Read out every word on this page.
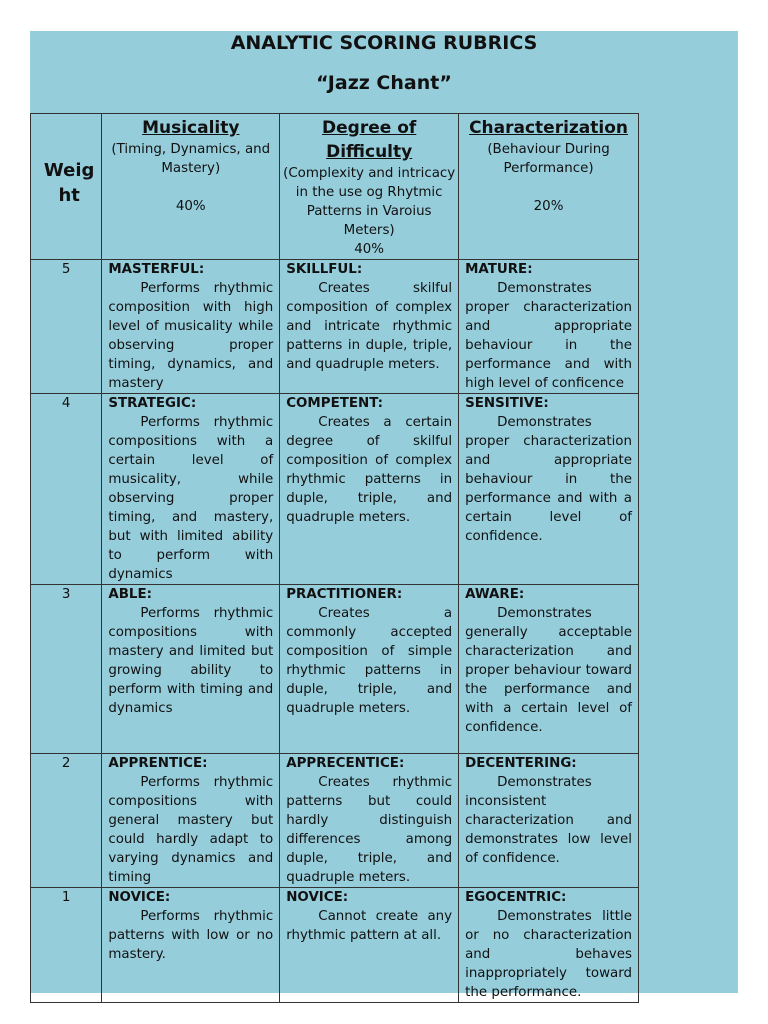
ANALYTIC SCORING RUBRICS
“Jazz Chant”
Weig ht	Musicality
(Timing, Dynamics, and Mastery)
40%	Degree of Difficulty
(Complexity and intricacy in the use og Rhytmic Patterns in Varoius Meters)
40%	Characterization
(Behaviour During Performance)
20%

5	MASTERFUL:
Performs rhythmic composition with high level of musicality while observing proper timing, dynamics, and mastery	SKILLFUL:
Creates skilful composition of complex and intricate rhythmic patterns in duple, triple, and quadruple meters.	MATURE:
Demonstrates proper characterization and appropriate behaviour in the performance and with high level of conficence

4	STRATEGIC:
Performs rhythmic compositions with a certain level of musicality, while observing proper timing, and mastery, but with limited ability to perform with dynamics	COMPETENT:
Creates a certain degree of skilful composition of complex rhythmic patterns in duple, triple, and quadruple meters.	SENSITIVE:
Demonstrates proper characterization and appropriate behaviour in the performance and with a certain level of confidence.

3	ABLE:
Performs rhythmic compositions with mastery and limited but growing ability to perform with timing and dynamics	PRACTITIONER:
Creates a commonly accepted composition of simple rhythmic patterns in duple, triple, and quadruple meters.	AWARE:
Demonstrates generally acceptable characterization and proper behaviour toward the performance and with a certain level of confidence.

2	APPRENTICE:
Performs rhythmic compositions with general mastery but could hardly adapt to varying dynamics and timing	APPRECENTICE:
Creates rhythmic patterns but could hardly distinguish differences among duple, triple, and quadruple meters.	DECENTERING:
Demonstrates inconsistent characterization and demonstrates low level of confidence.

1	NOVICE:
Performs rhythmic patterns with low or no mastery.	NOVICE:
Cannot create any rhythmic pattern at all.	EGOCENTRIC:
Demonstrates little or no characterization and behaves inappropriately toward the performance.
